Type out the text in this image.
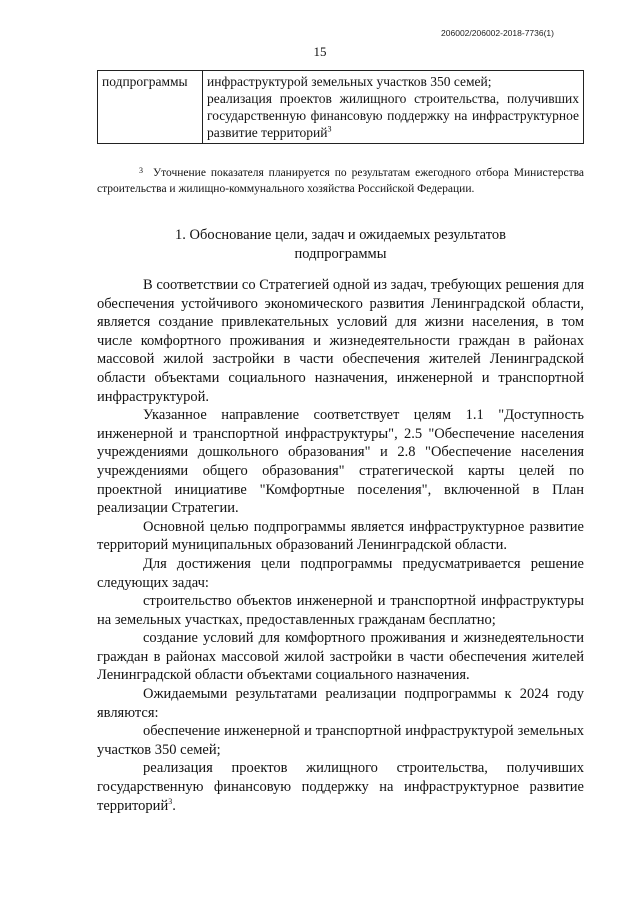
206002/206002-2018-7736(1)
15
подпрограммы	инфраструктурой земельных участков 350 семей;
реализация проектов жилищного строительства, получивших государственную финансовую поддержку на инфраструктурное развитие территорий$^3$
$^3$ Уточнение показателя планируется по результатам ежегодного отбора Министерства строительства и жилищно-коммунального хозяйства Российской Федерации.
1. Обоснование цели, задач и ожидаемых результатов
подпрограммы

В соответствии со Стратегией одной из задач, требующих решения для обеспечения устойчивого экономического развития Ленинградской области, является создание привлекательных условий для жизни населения, в том числе комфортного проживания и жизнедеятельности граждан в районах массовой жилой застройки в части обеспечения жителей Ленинградской области объектами социального назначения, инженерной и транспортной инфраструктурой.

Указанное направление соответствует целям 1.1 "Доступность инженерной и транспортной инфраструктуры", 2.5 "Обеспечение населения учреждениями дошкольного образования" и 2.8 "Обеспечение населения учреждениями общего образования" стратегической карты целей по проектной инициативе "Комфортные поселения", включенной в План реализации Стратегии.

Основной целью подпрограммы является инфраструктурное развитие территорий муниципальных образований Ленинградской области.

Для достижения цели подпрограммы предусматривается решение следующих задач:

строительство объектов инженерной и транспортной инфраструктуры на земельных участках, предоставленных гражданам бесплатно;

создание условий для комфортного проживания и жизнедеятельности граждан в районах массовой жилой застройки в части обеспечения жителей Ленинградской области объектами социального назначения.

Ожидаемыми результатами реализации подпрограммы к 2024 году являются:

обеспечение инженерной и транспортной инфраструктурой земельных участков 350 семей;

реализация проектов жилищного строительства, получивших государственную финансовую поддержку на инфраструктурное развитие территорий$^3$.
